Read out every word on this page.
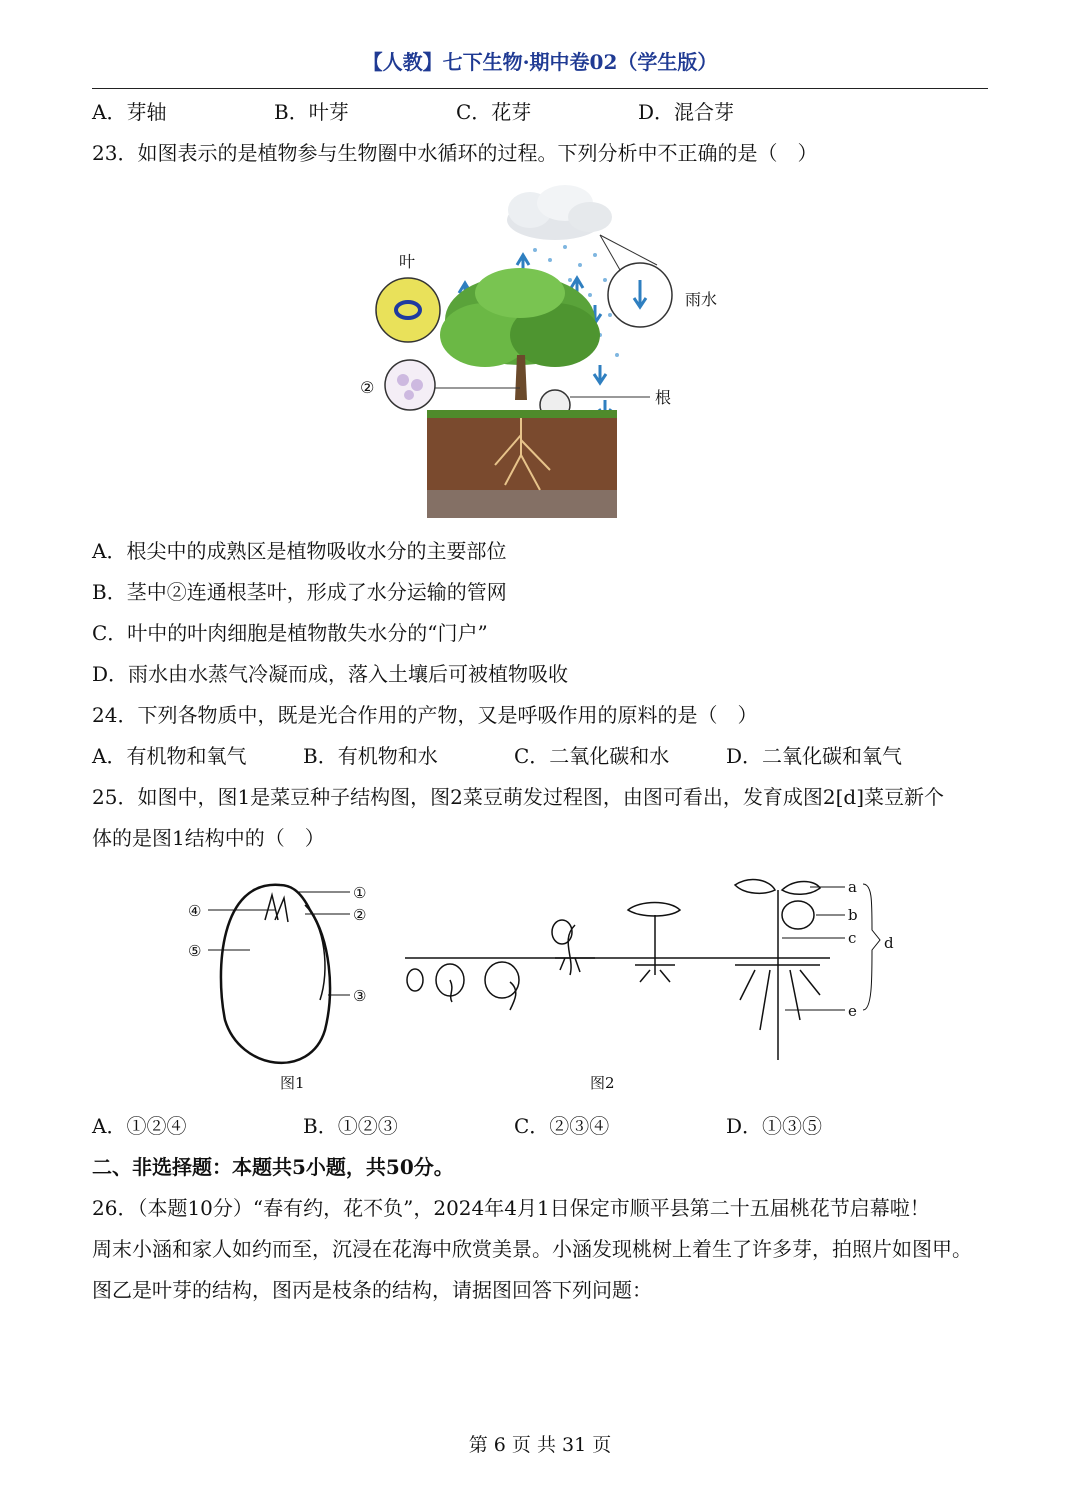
【人教】七下生物·期中卷02（学生版）
A．芽轴	B．叶芽	C．花芽	D．混合芽
23．如图表示的是植物参与生物圈中水循环的过程。下列分析中不正确的是（　）
雨水
叶
②
根
A．根尖中的成熟区是植物吸收水分的主要部位
B．茎中②连通根茎叶，形成了水分运输的管网
C．叶中的叶肉细胞是植物散失水分的“门户”
D．雨水由水蒸气冷凝而成，落入土壤后可被植物吸收
24．下列各物质中，既是光合作用的产物，又是呼吸作用的原料的是（　）
A．有机物和氧气	B．有机物和水	C．二氧化碳和水	D．二氧化碳和氧气
25．如图中，图1是菜豆种子结构图，图2菜豆萌发过程图，由图可看出，发育成图2[d]菜豆新个
体的是图1结构中的（　）
①
②
③
④
⑤
图1
a
b
c d
e
图2
A．①②④	B．①②③	C．②③④	D．①③⑤
二、非选择题：本题共5小题，共50分。
26．（本题10分）“春有约，花不负”，2024年4月1日保定市顺平县第二十五届桃花节启幕啦！
周末小涵和家人如约而至，沉浸在花海中欣赏美景。小涵发现桃树上着生了许多芽，拍照片如图甲。
图乙是叶芽的结构，图丙是枝条的结构，请据图回答下列问题：
第 6 页 共 31 页
